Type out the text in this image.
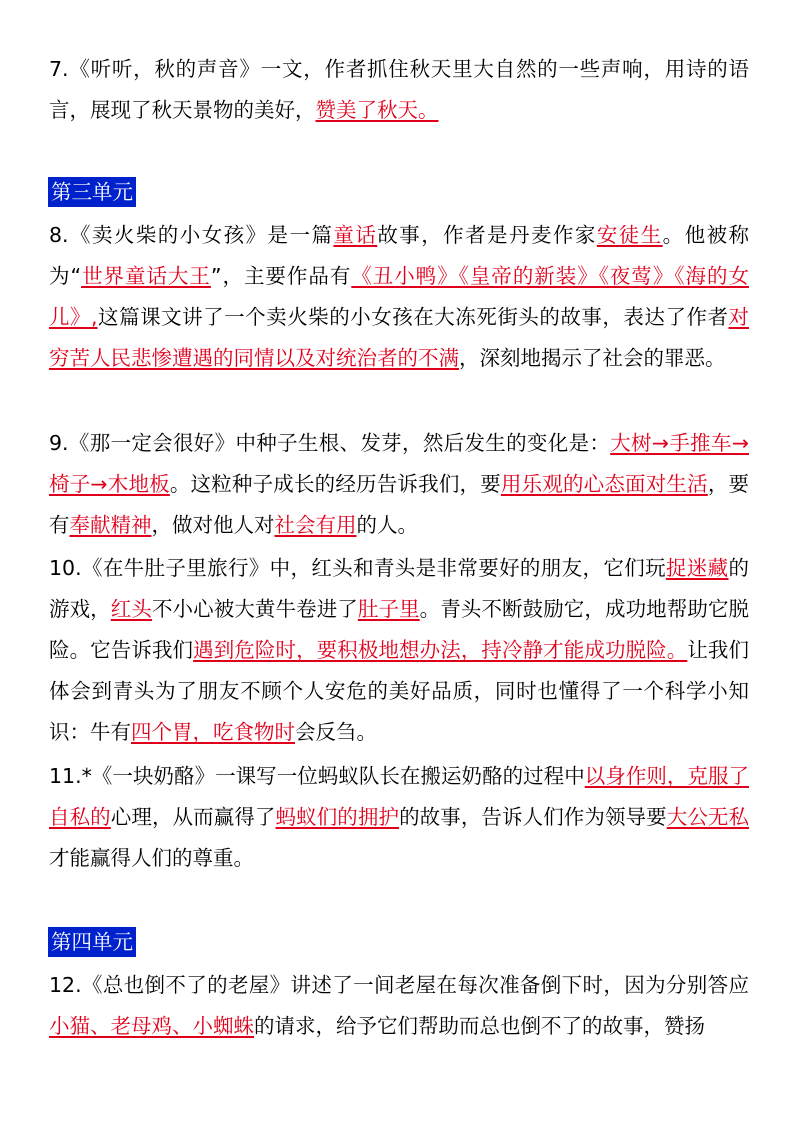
7.《听听，秋的声音》一文，作者抓住秋天里大自然的一些声响，用诗的语言，展现了秋天景物的美好，赞美了秋天。

第三单元

8.《卖火柴的小女孩》是一篇童话故事，作者是丹麦作家安徒生。他被称为“世界童话大王”，主要作品有《丑小鸭》《皇帝的新装》《夜莺》《海的女儿》,这篇课文讲了一个卖火柴的小女孩在大冻死街头的故事，表达了作者对穷苦人民悲惨遭遇的同情以及对统治者的不满，深刻地揭示了社会的罪恶。

9.《那一定会很好》中种子生根、发芽，然后发生的变化是：大树→手推车→椅子→木地板。这粒种子成长的经历告诉我们，要用乐观的心态面对生活，要有奉献精神，做对他人对社会有用的人。

10.《在牛肚子里旅行》中，红头和青头是非常要好的朋友，它们玩捉迷藏的游戏，红头不小心被大黄牛卷进了肚子里。青头不断鼓励它，成功地帮助它脱险。它告诉我们遇到危险时，要积极地想办法，持冷静才能成功脱险。让我们体会到青头为了朋友不顾个人安危的美好品质，同时也懂得了一个科学小知识：牛有四个胃，吃食物时会反刍。

11.*《一块奶酪》一课写一位蚂蚁队长在搬运奶酪的过程中以身作则，克服了自私的心理，从而赢得了蚂蚁们的拥护的故事，告诉人们作为领导要大公无私才能赢得人们的尊重。

第四单元

12.《总也倒不了的老屋》讲述了一间老屋在每次准备倒下时，因为分别答应小猫、老母鸡、小蜘蛛的请求，给予它们帮助而总也倒不了的故事，赞扬
